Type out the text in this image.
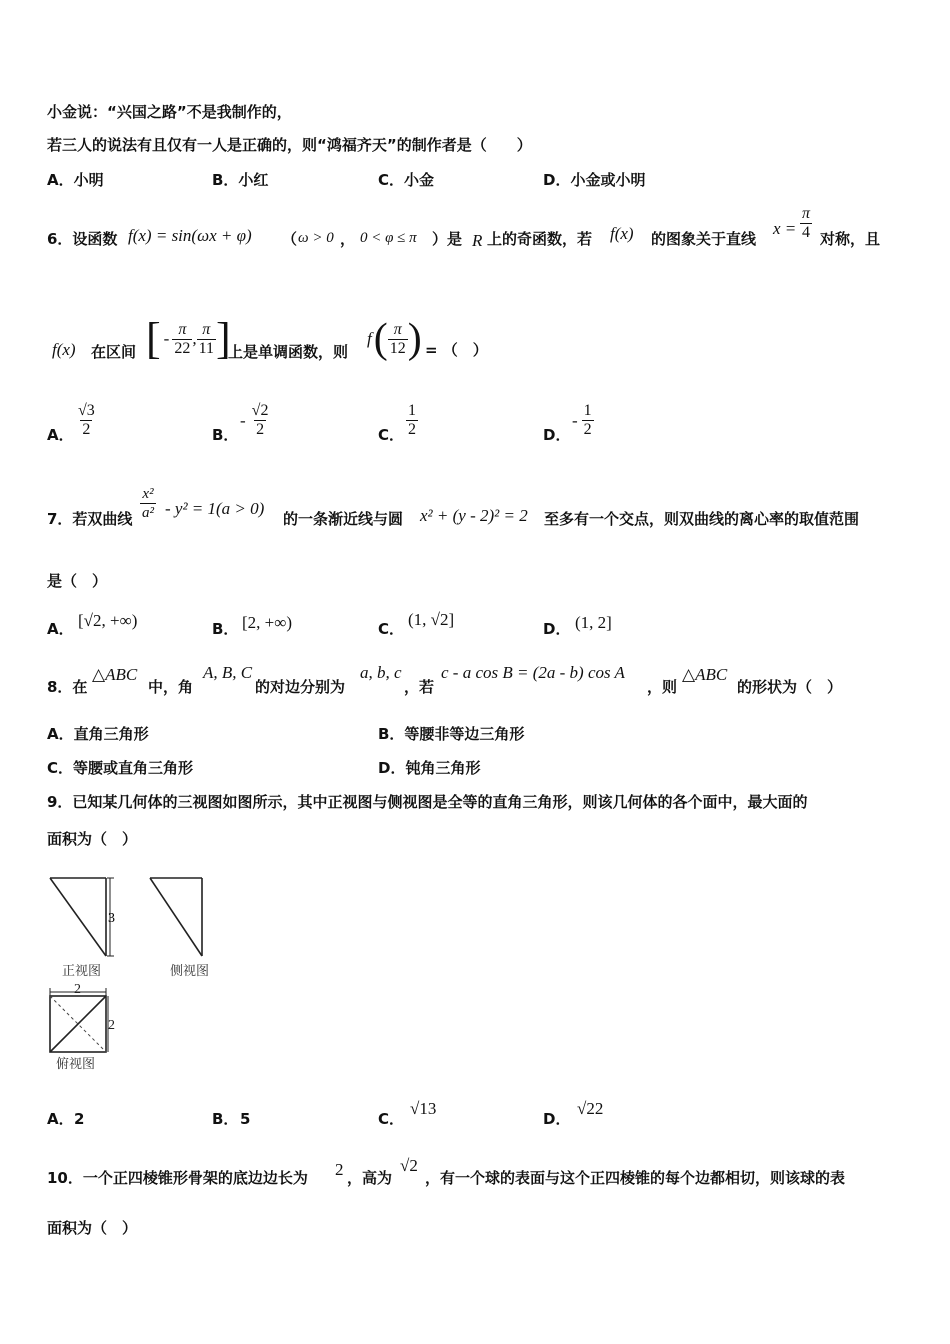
小金说：“兴国之路”不是我制作的，
若三人的说法有且仅有一人是正确的，则“鸿福齐天”的制作者是（　　）
A．小明	B．小红	C．小金	D．小金或小明
6．设函数 f(x) = sin(ωx + φ) （ ω > 0 ， 0 < φ ≤ π ）是 R 上的奇函数，若 f(x) 的图象关于直线
$x = \frac{\pi}{4}$ 对称，且
f(x) 在区间 [ - $\frac{\pi}{22}$ , $\frac{\pi}{11}$ ]
上是单调函数，则
f ( $\frac{\pi}{12}$ ) = （　）
A． $\frac{√3}{2}$	B．
- $\frac{√2}{2}$	C． $\frac{1}{2}$	D．
- $\frac{1}{2}$
7．若双曲线 $\frac{\text{x²}}{\text{a²}} - y^2 = 1(a > 0)$
的一条渐近线与圆 x² + (y - 2)² = 2 至多有一个交点，则双曲线的离心率的取值范围
是（　）
A． [√2, +∞)	B． [2, +∞)	C． (1, √2]	D． (1, 2]
8．在
△ABC
中，角
A, B, C
的对边分别为
a, b, c
，若
c - a cos B = (2a - b) cos A
，则
△ABC
的形状为（　）
A．直角三角形	B．等腰非等边三角形
C．等腰或直角三角形	D．钝角三角形
9．已知某几何体的三视图如图所示，其中正视图与侧视图是全等的直角三角形，则该几何体的各个面中，最大面的
面积为（　）
3
2
2
正视图	侧视图
俯视图
A． 2	B． 5	C．
√13
D．
√22
10．一个正四棱锥形骨架的底边边长为 2 ，高为
√2
，有一个球的表面与这个正四棱锥的每个边都相切，则该球的表
面积为（　）
